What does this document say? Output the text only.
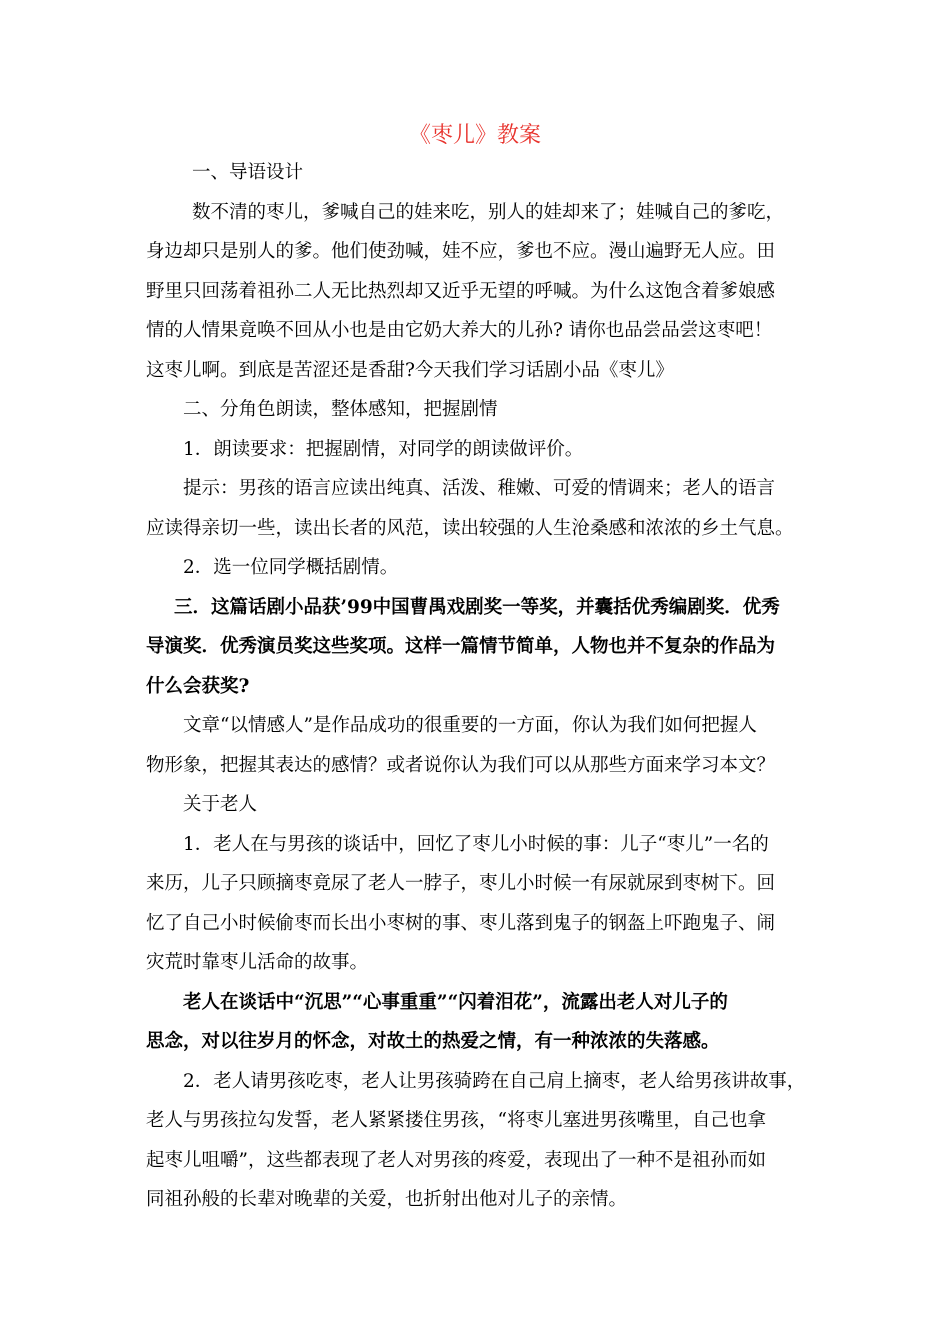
《枣儿》教案
一、导语设计
数不清的枣儿，爹喊自己的娃来吃，别人的娃却来了；娃喊自己的爹吃，
身边却只是别人的爹。他们使劲喊，娃不应，爹也不应。漫山遍野无人应。田
野里只回荡着祖孙二人无比热烈却又近乎无望的呼喊。为什么这饱含着爹娘感
情的人情果竟唤不回从小也是由它奶大养大的儿孙? 请你也品尝品尝这枣吧！
这枣儿啊。到底是苦涩还是香甜?今天我们学习话剧小品《枣儿》
二、分角色朗读，整体感知，把握剧情
1．朗读要求：把握剧情，对同学的朗读做评价。
提示：男孩的语言应读出纯真、活泼、稚嫩、可爱的情调来；老人的语言
应读得亲切一些，读出长者的风范，读出较强的人生沧桑感和浓浓的乡土气息。
2．选一位同学概括剧情。
三．这篇话剧小品获’99中国曹禺戏剧奖一等奖，并囊括优秀编剧奖．优秀
导演奖．优秀演员奖这些奖项。这样一篇情节简单，人物也并不复杂的作品为
什么会获奖?
文章“以情感人”是作品成功的很重要的一方面，你认为我们如何把握人
物形象，把握其表达的感情？或者说你认为我们可以从那些方面来学习本文？
关于老人
1．老人在与男孩的谈话中，回忆了枣儿小时候的事：儿子“枣儿”一名的
来历，儿子只顾摘枣竟尿了老人一脖子，枣儿小时候一有尿就尿到枣树下。回
忆了自己小时候偷枣而长出小枣树的事、枣儿落到鬼子的钢盔上吓跑鬼子、闹
灾荒时靠枣儿活命的故事。
老人在谈话中“沉思”“心事重重”“闪着泪花”，流露出老人对儿子的
思念，对以往岁月的怀念，对故土的热爱之情，有一种浓浓的失落感。
2．老人请男孩吃枣，老人让男孩骑跨在自己肩上摘枣，老人给男孩讲故事，
老人与男孩拉勾发誓，老人紧紧搂住男孩，“将枣儿塞进男孩嘴里，自己也拿
起枣儿咀嚼”，这些都表现了老人对男孩的疼爱，表现出了一种不是祖孙而如
同祖孙般的长辈对晚辈的关爱，也折射出他对儿子的亲情。
